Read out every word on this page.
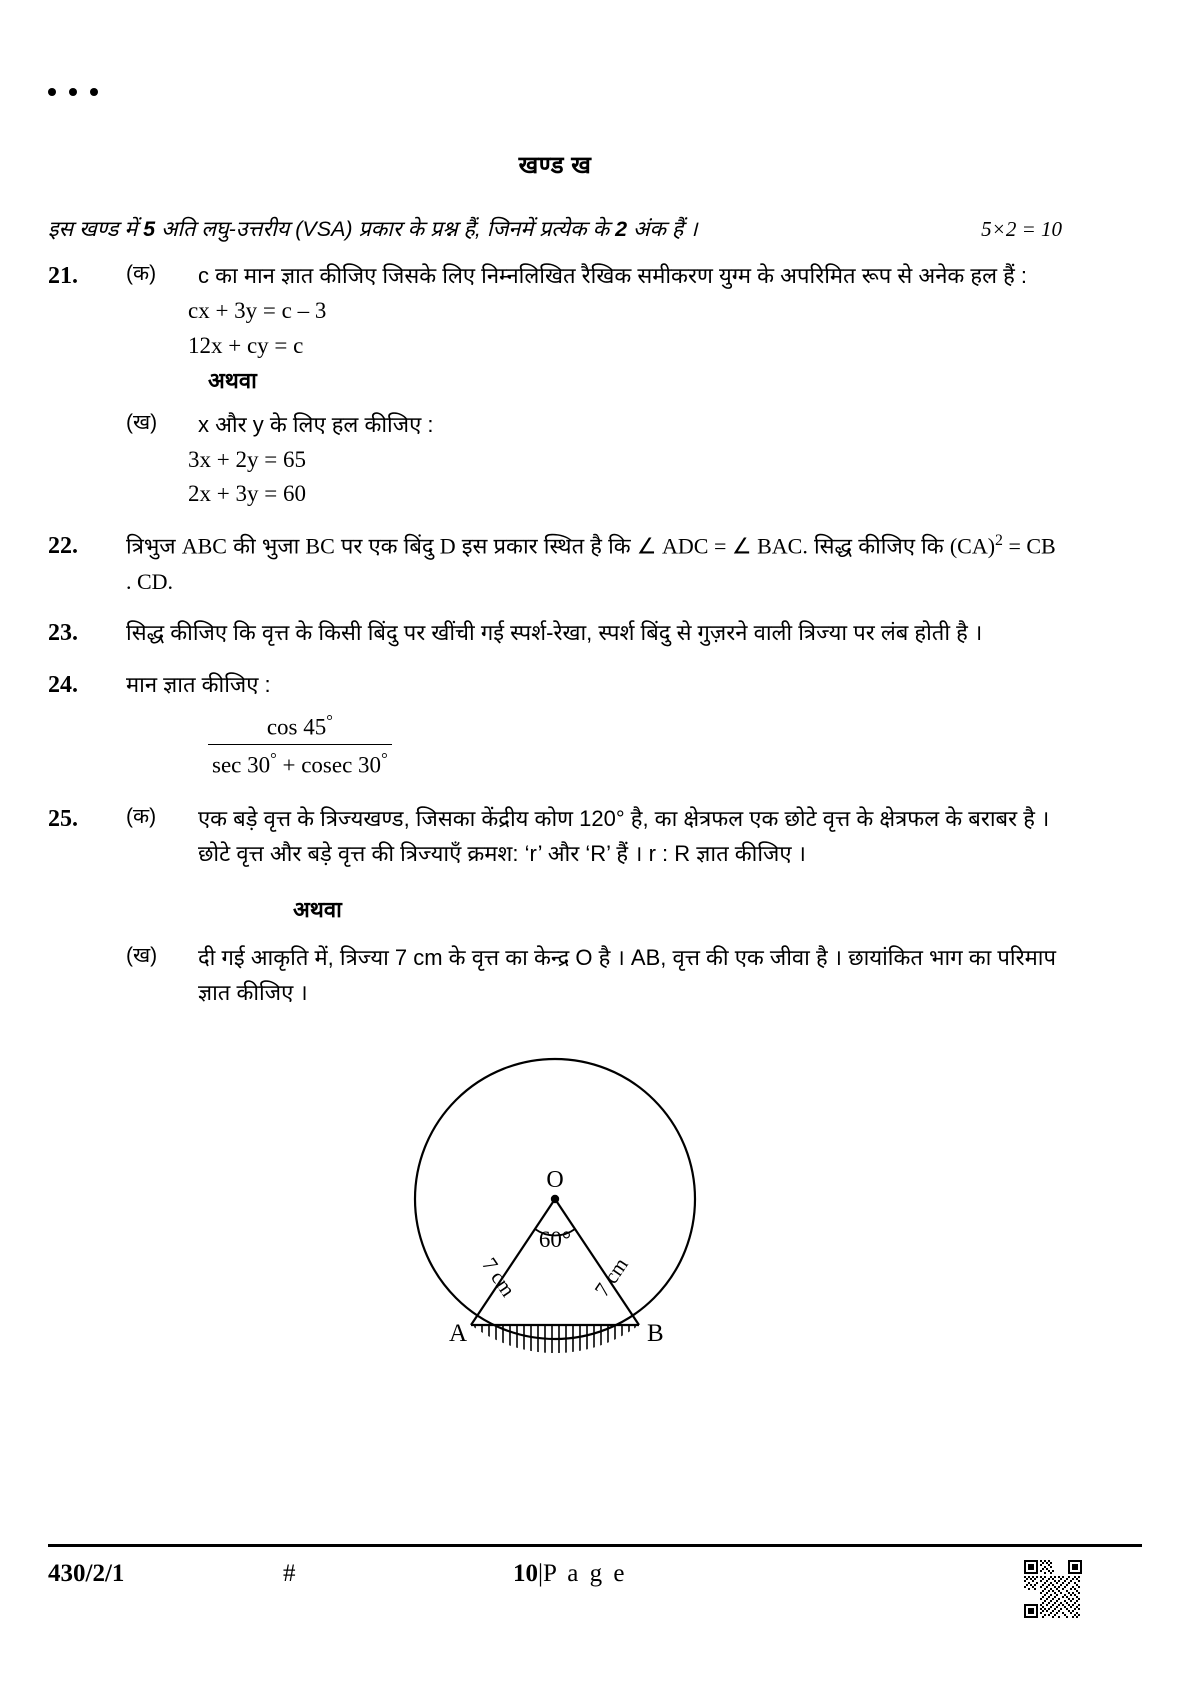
खण्ड ख
इस खण्ड में 5 अति लघु-उत्तरीय (VSA) प्रकार के प्रश्न हैं, जिनमें प्रत्येक के 2 अंक हैं ।	5×2 = 10
21.	(क)	c का मान ज्ञात कीजिए जिसके लिए निम्नलिखित रैखिक समीकरण युग्म के अपरिमित रूप से अनेक हल हैं :
cx + 3y = c – 3
12x + cy = c
अथवा
(ख)	x और y के लिए हल कीजिए :
3x + 2y = 65
2x + 3y = 60
22.	त्रिभुज ABC की भुजा BC पर एक बिंदु D इस प्रकार स्थित है कि ∠ ADC = ∠ BAC. सिद्ध कीजिए कि (CA)$^2$ = CB . CD.
23.	सिद्ध कीजिए कि वृत्त के किसी बिंदु पर खींची गई स्पर्श-रेखा, स्पर्श बिंदु से गुज़रने वाली त्रिज्या पर लंब होती है ।
24.	मान ज्ञात कीजिए :
$\frac{\cos 45^\circ}{\sec 30^\circ + cosec 30^\circ}$
25.	(क)	एक बड़े वृत्त के त्रिज्यखण्ड, जिसका केंद्रीय कोण 120° है, का क्षेत्रफल एक छोटे वृत्त के क्षेत्रफल के बराबर है । छोटे वृत्त और बड़े वृत्त की त्रिज्याएँ क्रमश: ‘r’ और ‘R’ हैं । r : R ज्ञात कीजिए ।
अथवा
(ख)	दी गई आकृति में, त्रिज्या 7 cm के वृत्त का केन्द्र O है । AB, वृत्त की एक जीवा है । छायांकित भाग का परिमाप ज्ञात कीजिए ।
O
60°
7 cm	7 cm
A	B
430/2/1	#	10|P a g e
